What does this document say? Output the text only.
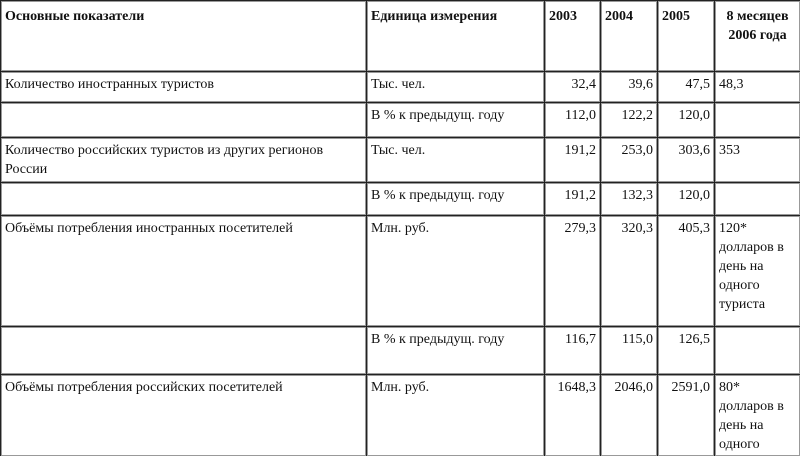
Основные показатели	Единица измерения	2003	2004	2005	8 месяцев 2006 года
Количество иностранных туристов	Тыс. чел.	32,4	39,6	47,5	48,3
	В % к предыдущ. году	112,0	122,2	120,0	
Количество российских туристов из других регионов России	Тыс. чел.	191,2	253,0	303,6	353
	В % к предыдущ. году	191,2	132,3	120,0	
Объёмы потребления иностранных посетителей	Млн. руб.	279,3	320,3	405,3	120* долларов в день на одного туриста
	В % к предыдущ. году	116,7	115,0	126,5	
Объёмы потребления российских посетителей	Млн. руб.	1648,3	2046,0	2591,0	80* долларов в день на одного
